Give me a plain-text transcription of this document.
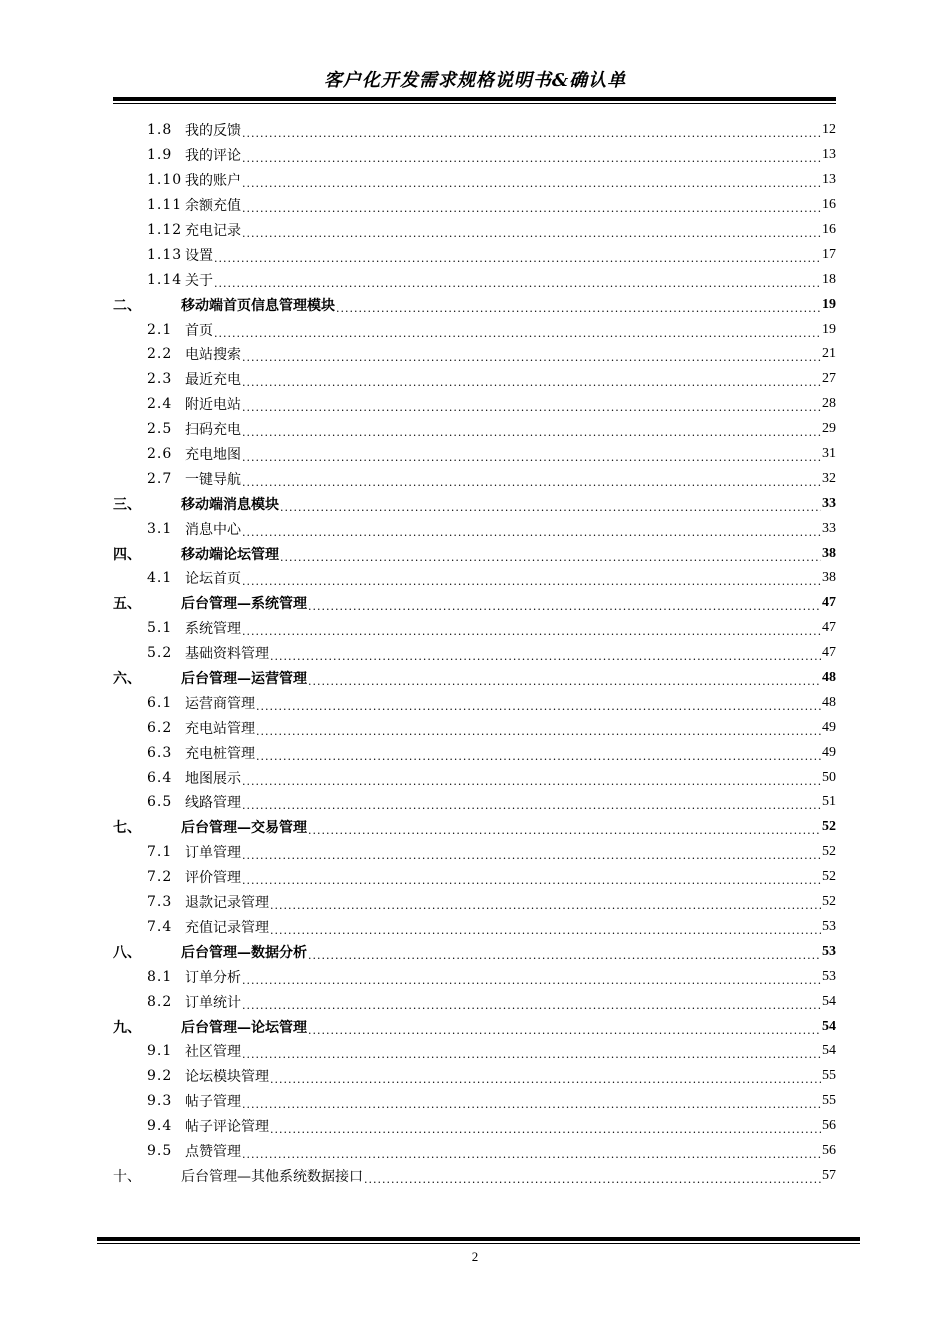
客户化开发需求规格说明书&确认单
1.8 我的反馈 .....	12
1.9 我的评论 .....	13
1.10 我的账户 .....	13
1.11 余额充值 .....	16
1.12 充电记录 .....	16
1.13 设置 .....	17
1.14 关于 .....	18
二、	移动端首页信息管理模块 .....	19
2.1 首页 .....	19
2.2 电站搜索 .....	21
2.3 最近充电 .....	27
2.4 附近电站 .....	28
2.5 扫码充电 .....	29
2.6 充电地图 .....	31
2.7 一键导航 .....	32
三、	移动端消息模块 .....	33
3.1 消息中心 .....	33
四、	移动端论坛管理 .....	38
4.1 论坛首页 .....	38
五、	后台管理—系统管理 .....	47
5.1 系统管理 .....	47
5.2 基础资料管理 .....	47
六、	后台管理—运营管理 .....	48
6.1 运营商管理 .....	48
6.2 充电站管理 .....	49
6.3 充电桩管理 .....	49
6.4 地图展示 .....	50
6.5 线路管理 .....	51
七、	后台管理—交易管理 .....	52
7.1 订单管理 .....	52
7.2 评价管理 .....	52
7.3 退款记录管理 .....	52
7.4 充值记录管理 .....	53
八、	后台管理—数据分析 .....	53
8.1 订单分析 .....	53
8.2 订单统计 .....	54
九、	后台管理—论坛管理 .....	54
9.1 社区管理 .....	54
9.2 论坛模块管理 .....	55
9.3 帖子管理 .....	55
9.4 帖子评论管理 .....	56
9.5 点赞管理 .....	56
十、	后台管理—其他系统数据接口 .....	57
2
